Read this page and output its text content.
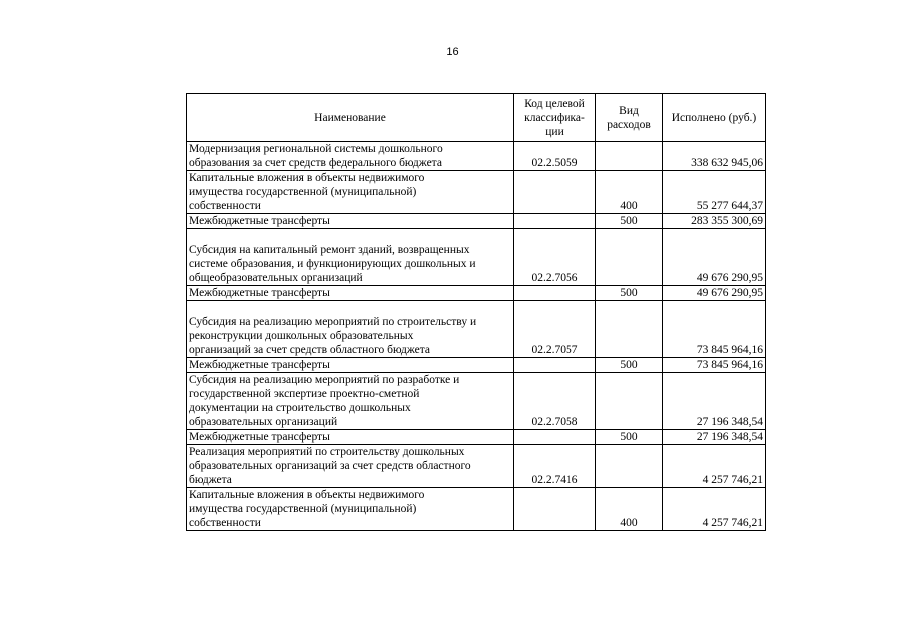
16
Наименование	Код целевой классифика-ции	Вид расходов	Исполнено (руб.)
Модернизация региональной системы дошкольного
образования за счет средств федерального бюджета	02.2.5059		338 632 945,06
Капитальные вложения в объекты недвижимого
имущества государственной (муниципальной)
собственности		400	55 277 644,37
Межбюджетные трансферты		500	283 355 300,69

Субсидия на капитальный ремонт зданий, возвращенных
системе образования, и функционирующих дошкольных и
общеобразовательных организаций	02.2.7056		49 676 290,95
Межбюджетные трансферты		500	49 676 290,95

Субсидия на реализацию мероприятий по строительству и
реконструкции дошкольных образовательных
организаций за счет средств областного бюджета	02.2.7057		73 845 964,16
Межбюджетные трансферты		500	73 845 964,16
Субсидия на реализацию мероприятий по разработке и
государственной экспертизе проектно-сметной
документации на строительство дошкольных
образовательных организаций	02.2.7058		27 196 348,54
Межбюджетные трансферты		500	27 196 348,54
Реализация мероприятий по строительству дошкольных
образовательных организаций за счет средств областного
бюджета	02.2.7416		4 257 746,21
Капитальные вложения в объекты недвижимого
имущества государственной (муниципальной)
собственности		400	4 257 746,21
